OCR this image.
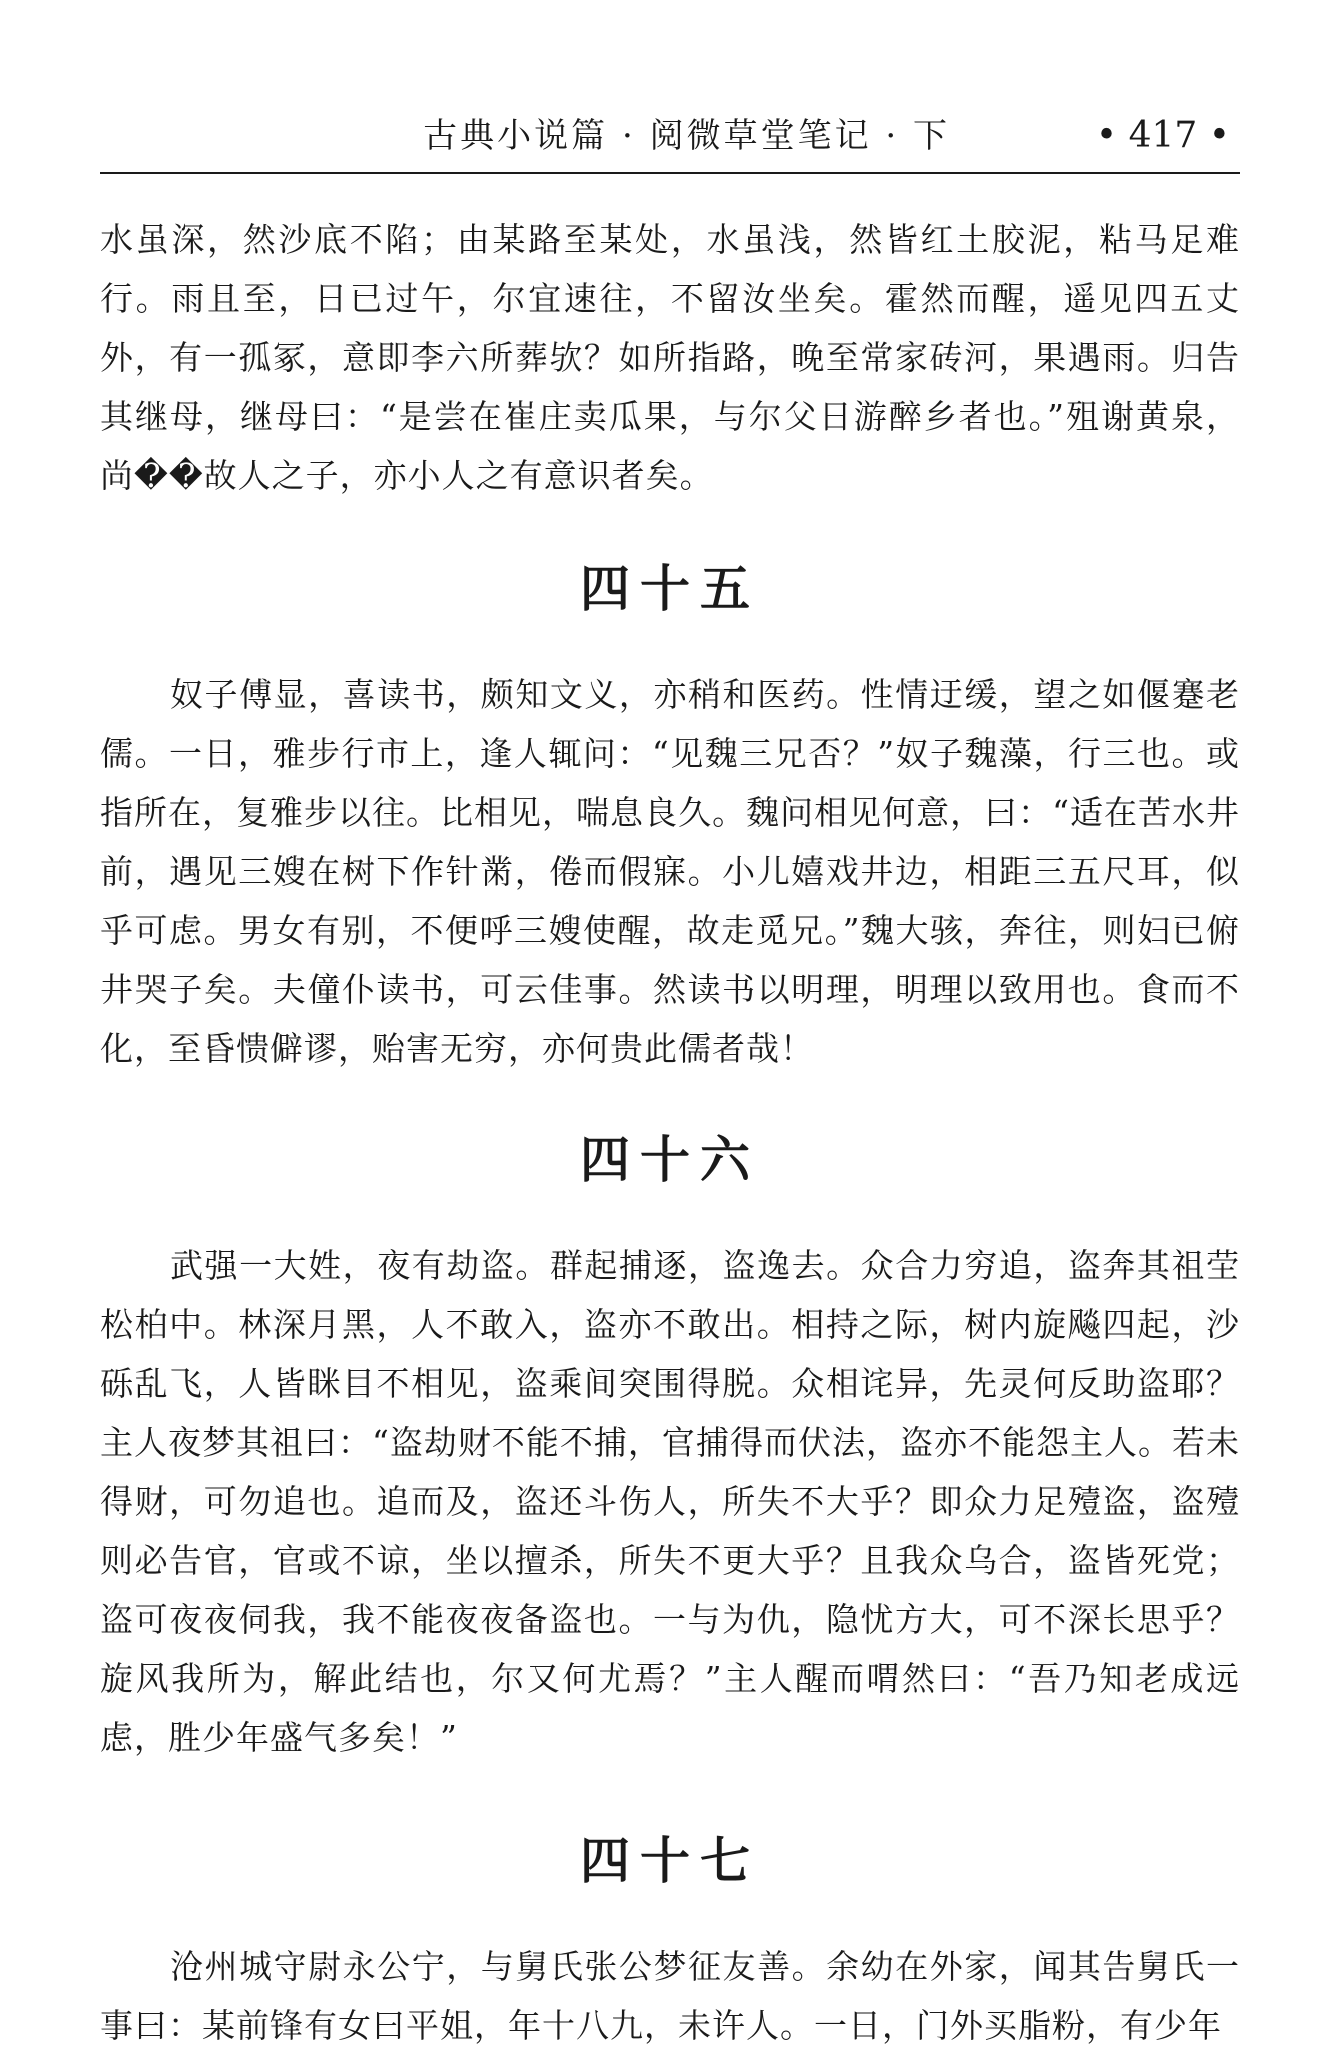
古典小说篇 · 阅微草堂笔记 · 下	• 417 •

水虽深，然沙底不陷；由某路至某处，水虽浅，然皆红土胶泥，粘马足难行。雨且至，日已过午，尔宜速往，不留汝坐矣。霍然而醒，遥见四五丈外，有一孤冢，意即李六所葬欤？如所指路，晚至常家砖河，果遇雨。归告其继母，继母曰：“是尝在崔庄卖瓜果，与尔父日游醉乡者也。”殂谢黄泉，尚��故人之子，亦小人之有意识者矣。

四十五

奴子傅显，喜读书，颇知文义，亦稍和医药。性情迂缓，望之如偃蹇老儒。一日，雅步行市上，逢人辄问：“见魏三兄否？”奴子魏藻，行三也。或指所在，复雅步以往。比相见，喘息良久。魏问相见何意，曰：“适在苦水井前，遇见三嫂在树下作针黹，倦而假寐。小儿嬉戏井边，相距三五尺耳，似乎可虑。男女有别，不便呼三嫂使醒，故走觅兄。”魏大骇，奔往，则妇已俯井哭子矣。夫僮仆读书，可云佳事。然读书以明理，明理以致用也。食而不化，至昏愦僻谬，贻害无穷，亦何贵此儒者哉！

四十六

武强一大姓，夜有劫盗。群起捕逐，盗逸去。众合力穷追，盗奔其祖茔松柏中。林深月黑，人不敢入，盗亦不敢出。相持之际，树内旋飚四起，沙砾乱飞，人皆眯目不相见，盗乘间突围得脱。众相诧异，先灵何反助盗耶？主人夜梦其祖曰：“盗劫财不能不捕，官捕得而伏法，盗亦不能怨主人。若未得财，可勿追也。追而及，盗还斗伤人，所失不大乎？即众力足殪盗，盗殪则必告官，官或不谅，坐以擅杀，所失不更大乎？且我众乌合，盗皆死党；盗可夜夜伺我，我不能夜夜备盗也。一与为仇，隐忧方大，可不深长思乎？旋风我所为，解此结也，尔又何尤焉？”主人醒而喟然曰：“吾乃知老成远虑，胜少年盛气多矣！”

四十七

沧州城守尉永公宁，与舅氏张公梦征友善。余幼在外家，闻其告舅氏一事曰：某前锋有女曰平姐，年十八九，未许人。一日，门外买脂粉，有少年
